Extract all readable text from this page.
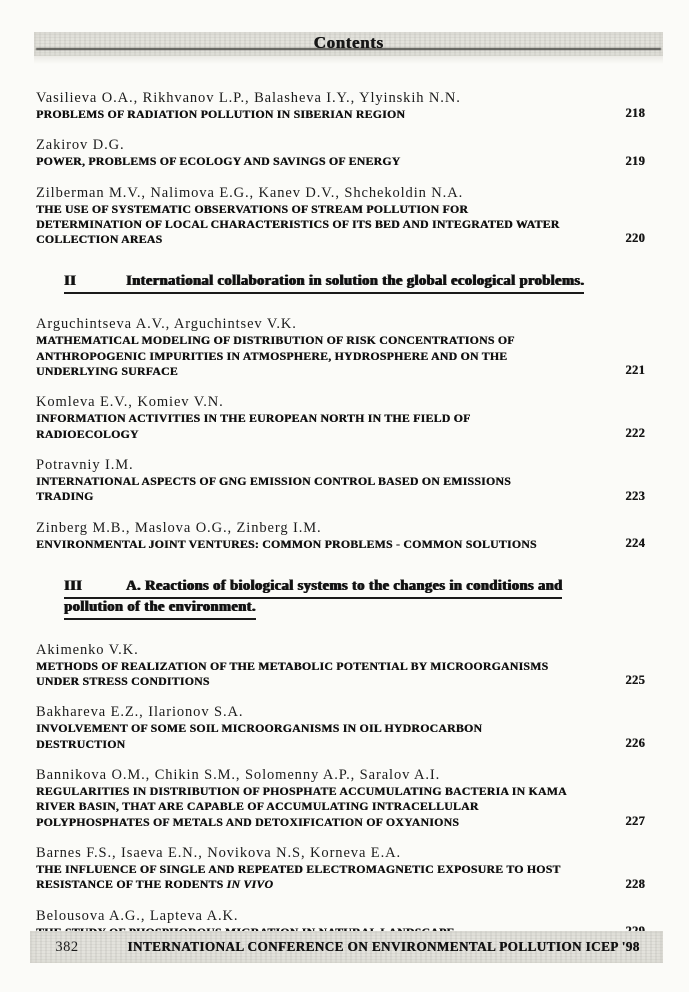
Contents
Vasilieva O.A., Rikhvanov L.P., Balasheva I.Y., Ylyinskih N.N.
PROBLEMS OF RADIATION POLLUTION IN SIBERIAN REGION	218
Zakirov D.G.
POWER, PROBLEMS OF ECOLOGY AND SAVINGS OF ENERGY	219
Zilberman M.V., Nalimova E.G., Kanev D.V., Shchekoldin N.A.
THE USE OF SYSTEMATIC OBSERVATIONS OF STREAM POLLUTION FOR
DETERMINATION OF LOCAL CHARACTERISTICS OF ITS BED AND INTEGRATED WATER
COLLECTION AREAS	220
II	International collaboration in solution the global ecological problems.
Arguchintseva A.V., Arguchintsev V.K.
MATHEMATICAL MODELING OF DISTRIBUTION OF RISK CONCENTRATIONS OF
ANTHROPOGENIC IMPURITIES IN ATMOSPHERE, HYDROSPHERE AND ON THE
UNDERLYING SURFACE	221
Komleva E.V., Komiev V.N.
INFORMATION ACTIVITIES IN THE EUROPEAN NORTH IN THE FIELD OF
RADIOECOLOGY	222
Potravniy I.M.
INTERNATIONAL ASPECTS OF GNG EMISSION CONTROL BASED ON EMISSIONS
TRADING	223
Zinberg M.B., Maslova O.G., Zinberg I.M.
ENVIRONMENTAL JOINT VENTURES: COMMON PROBLEMS - COMMON SOLUTIONS	224
III	A. Reactions of biological systems to the changes in conditions and
pollution of the environment.
Akimenko V.K.
METHODS OF REALIZATION OF THE METABOLIC POTENTIAL BY MICROORGANISMS
UNDER STRESS CONDITIONS	225
Bakhareva E.Z., Ilarionov S.A.
INVOLVEMENT OF SOME SOIL MICROORGANISMS IN OIL HYDROCARBON
DESTRUCTION	226
Bannikova O.M., Chikin S.M., Solomenny A.P., Saralov A.I.
REGULARITIES IN DISTRIBUTION OF PHOSPHATE ACCUMULATING BACTERIA IN KAMA
RIVER BASIN, THAT ARE CAPABLE OF ACCUMULATING INTRACELLULAR
POLYPHOSPHATES OF METALS AND DETOXIFICATION OF OXYANIONS	227
Barnes F.S., Isaeva E.N., Novikova N.S, Korneva E.A.
THE INFLUENCE OF SINGLE AND REPEATED ELECTROMAGNETIC EXPOSURE TO HOST
RESISTANCE OF THE RODENTS IN VIVO	228
Belousova A.G., Lapteva A.K.
382	INTERNATIONAL CONFERENCE ON ENVIRONMENTAL POLLUTION ICEP '98
